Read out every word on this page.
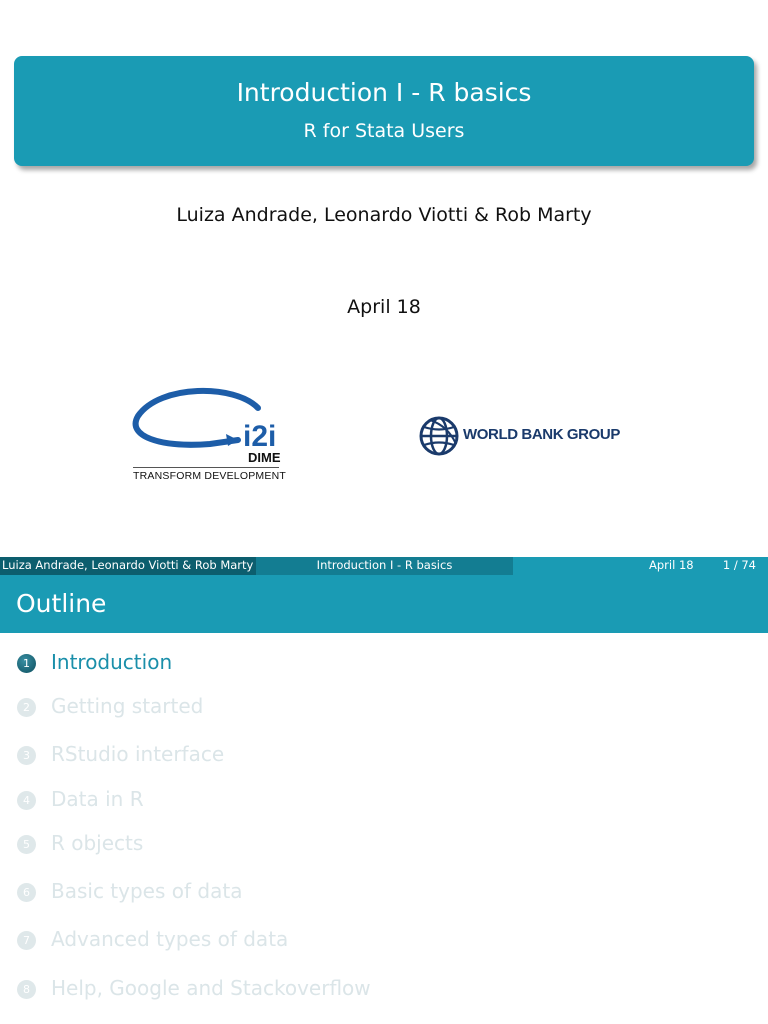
Introduction I - R basics
R for Stata Users
Luiza Andrade, Leonardo Viotti & Rob Marty
April 18
i2i
DIME
TRANSFORM DEVELOPMENT
WORLD BANK GROUP
Luiza Andrade, Leonardo Viotti & Rob Marty	Introduction I - R basics	April 18	1 / 74
Outline
1	Introduction
2	Getting started
3	RStudio interface
4	Data in R
5	R objects
6	Basic types of data
7	Advanced types of data
8	Help, Google and Stackoverflow
